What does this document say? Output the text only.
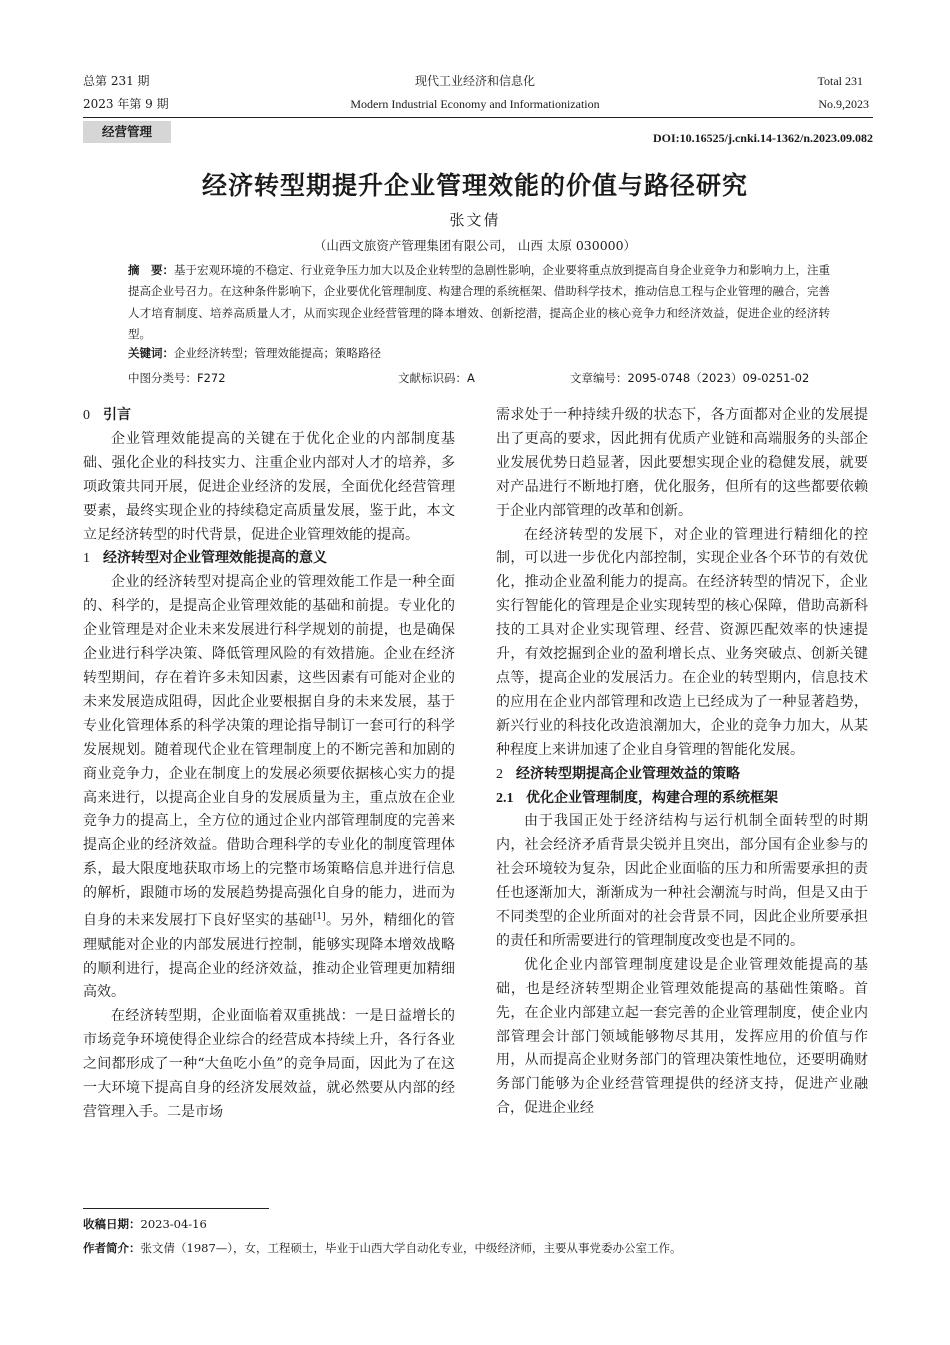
总第 231 期
2023 年第 9 期
现代工业经济和信息化
Modern Industrial Economy and Informationization
Total 231
No.9,2023
经营管理	DOI:10.16525/j.cnki.14-1362/n.2023.09.082
经济转型期提升企业管理效能的价值与路径研究
张文倩
（山西文旅资产管理集团有限公司， 山西 太原 030000）

摘　要：基于宏观环境的不稳定、行业竞争压力加大以及企业转型的急剧性影响，企业要将重点放到提高自身企业竞争力和影响力上，注重提高企业号召力。在这种条件影响下，企业要优化管理制度、构建合理的系统框架、借助科学技术，推动信息工程与企业管理的融合，完善人才培育制度、培养高质量人才，从而实现企业经营管理的降本增效、创新挖潜，提高企业的核心竞争力和经济效益，促进企业的经济转型。

关键词：企业经济转型；管理效能提高；策略路径
中图分类号：F272	文献标识码：A	文章编号：2095-0748（2023）09-0251-02
0 引言

企业管理效能提高的关键在于优化企业的内部制度基础、强化企业的科技实力、注重企业内部对人才的培养，多项政策共同开展，促进企业经济的发展，全面优化经营管理要素，最终实现企业的持续稳定高质量发展，鉴于此，本文立足经济转型的时代背景，促进企业管理效能的提高。

1 经济转型对企业管理效能提高的意义

企业的经济转型对提高企业的管理效能工作是一种全面的、科学的，是提高企业管理效能的基础和前提。专业化的企业管理是对企业未来发展进行科学规划的前提，也是确保企业进行科学决策、降低管理风险的有效措施。企业在经济转型期间，存在着许多未知因素，这些因素有可能对企业的未来发展造成阻碍，因此企业要根据自身的未来发展，基于专业化管理体系的科学决策的理论指导制订一套可行的科学发展规划。随着现代企业在管理制度上的不断完善和加剧的商业竞争力，企业在制度上的发展必须要依据核心实力的提高来进行，以提高企业自身的发展质量为主，重点放在企业竞争力的提高上，全方位的通过企业内部管理制度的完善来提高企业的经济效益。借助合理科学的专业化的制度管理体系，最大限度地获取市场上的完整市场策略信息并进行信息的解析，跟随市场的发展趋势提高强化自身的能力，进而为自身的未来发展打下良好坚实的基础[1]。另外，精细化的管理赋能对企业的内部发展进行控制，能够实现降本增效战略的顺利进行，提高企业的经济效益，推动企业管理更加精细高效。

在经济转型期，企业面临着双重挑战：一是日益增长的市场竞争环境使得企业综合的经营成本持续上升，各行各业之间都形成了一种“大鱼吃小鱼”的竞争局面，因此为了在这一大环境下提高自身的经济发展效益，就必然要从内部的经营管理入手。二是市场

需求处于一种持续升级的状态下，各方面都对企业的发展提出了更高的要求，因此拥有优质产业链和高端服务的头部企业发展优势日趋显著，因此要想实现企业的稳健发展，就要对产品进行不断地打磨，优化服务，但所有的这些都要依赖于企业内部管理的改革和创新。

在经济转型的发展下，对企业的管理进行精细化的控制，可以进一步优化内部控制，实现企业各个环节的有效优化，推动企业盈利能力的提高。在经济转型的情况下，企业实行智能化的管理是企业实现转型的核心保障，借助高新科技的工具对企业实现管理、经营、资源匹配效率的快速提升，有效挖掘到企业的盈利增长点、业务突破点、创新关键点等，提高企业的发展活力。在企业的转型期内，信息技术的应用在企业内部管理和改造上已经成为了一种显著趋势，新兴行业的科技化改造浪潮加大，企业的竞争力加大，从某种程度上来讲加速了企业自身管理的智能化发展。

2 经济转型期提高企业管理效益的策略
2.1 优化企业管理制度，构建合理的系统框架

由于我国正处于经济结构与运行机制全面转型的时期内，社会经济矛盾背景尖锐并且突出，部分国有企业参与的社会环境较为复杂，因此企业面临的压力和所需要承担的责任也逐渐加大，渐渐成为一种社会潮流与时尚，但是又由于不同类型的企业所面对的社会背景不同，因此企业所要承担的责任和所需要进行的管理制度改变也是不同的。

优化企业内部管理制度建设是企业管理效能提高的基础，也是经济转型期企业管理效能提高的基础性策略。首先，在企业内部建立起一套完善的企业管理制度，使企业内部管理会计部门领域能够物尽其用，发挥应用的价值与作用，从而提高企业财务部门的管理决策性地位，还要明确财务部门能够为企业经营管理提供的经济支持，促进产业融合，促进企业经

收稿日期：2023-04-16
作者简介：张文倩（1987—），女，工程硕士，毕业于山西大学自动化专业，中级经济师，主要从事党委办公室工作。
